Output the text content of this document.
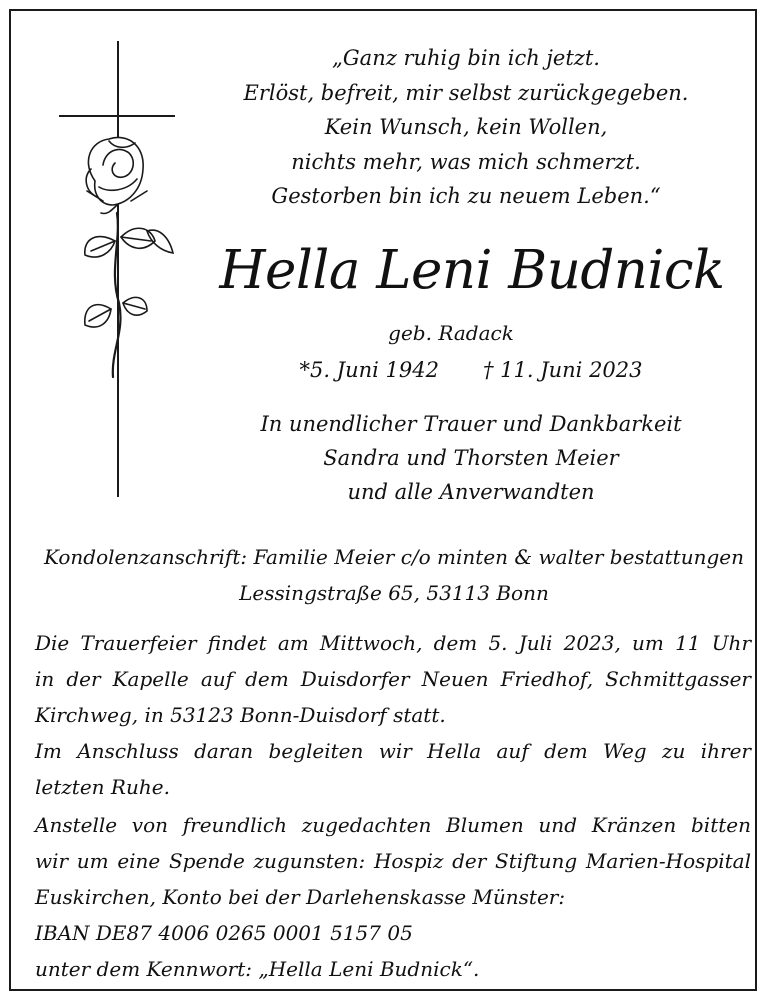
„Ganz ruhig bin ich jetzt.
Erlöst, befreit, mir selbst zurückgegeben.
Kein Wunsch, kein Wollen,
nichts mehr, was mich schmerzt.
Gestorben bin ich zu neuem Leben.“
Hella Leni Budnick
geb. Radack
*5. Juni 1942 † 11. Juni 2023
In unendlicher Trauer und Dankbarkeit
Sandra und Thorsten Meier
und alle Anverwandten
Kondolenzanschrift: Familie Meier c/o minten & walter bestattungen
Lessingstraße 65, 53113 Bonn
Die Trauerfeier findet am Mittwoch, dem 5. Juli 2023, um 11 Uhr
in der Kapelle auf dem Duisdorfer Neuen Friedhof, Schmittgasser
Kirchweg, in 53123 Bonn-Duisdorf statt.
Im Anschluss daran begleiten wir Hella auf dem Weg zu ihrer
letzten Ruhe.
Anstelle von freundlich zugedachten Blumen und Kränzen bitten
wir um eine Spende zugunsten: Hospiz der Stiftung Marien-Hospital
Euskirchen, Konto bei der Darlehenskasse Münster:
IBAN DE87 4006 0265 0001 5157 05
unter dem Kennwort: „Hella Leni Budnick“.
